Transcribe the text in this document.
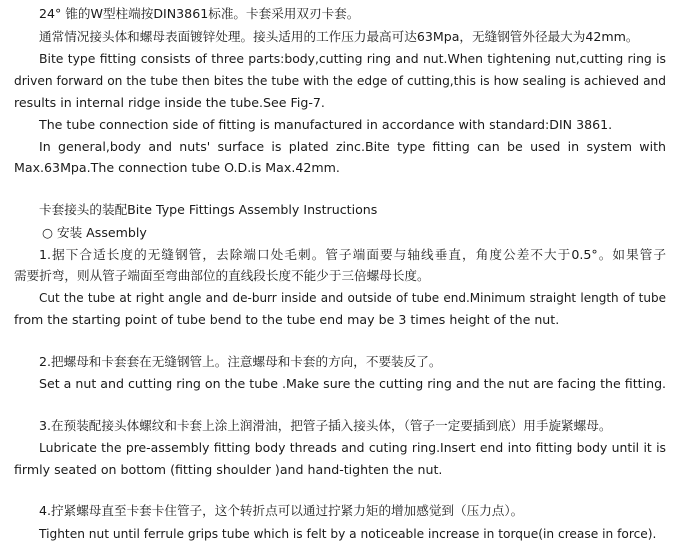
24° 锥的W型柱端按DIN3861标准。卡套采用双刃卡套。
通常情况接头体和螺母表面镀锌处理。接头适用的工作压力最高可达63Mpa，无缝钢管外径最大为42mm。
Bite type fitting consists of three parts:body,cutting ring and nut.When tightening nut,cutting ring is
driven forward on the tube then bites the tube with the edge of cutting,this is how sealing is achieved and
results in internal ridge inside the tube.See Fig-7.
The tube connection side of fitting is manufactured in accordance with standard:DIN 3861.
In general,body and nuts' surface is plated zinc.Bite type fitting can be used in system with
Max.63Mpa.The connection tube O.D.is Max.42mm.
卡套接头的装配Bite Type Fittings Assembly Instructions
○ 安装 Assembly
1.据下合适长度的无缝钢管，去除端口处毛刺。管子端面要与轴线垂直，角度公差不大于0.5°。如果管子
需要折弯，则从管子端面至弯曲部位的直线段长度不能少于三倍螺母长度。
Cut the tube at right angle and de-burr inside and outside of tube end.Minimum straight length of tube
from the starting point of tube bend to the tube end may be 3 times height of the nut.
2.把螺母和卡套套在无缝钢管上。注意螺母和卡套的方向，不要装反了。
Set a nut and cutting ring on the tube .Make sure the cutting ring and the nut are facing the fitting.
3.在预装配接头体螺纹和卡套上涂上润滑油，把管子插入接头体，（管子一定要插到底）用手旋紧螺母。
Lubricate the pre-assembly fitting body threads and cuting ring.Insert end into fitting body until it is
firmly seated on bottom (fitting shoulder )and hand-tighten the nut.
4.拧紧螺母直至卡套卡住管子，这个转折点可以通过拧紧力矩的增加感觉到（压力点）。
Tighten nut until ferrule grips tube which is felt by a noticeable increase in torque(in crease in force).
